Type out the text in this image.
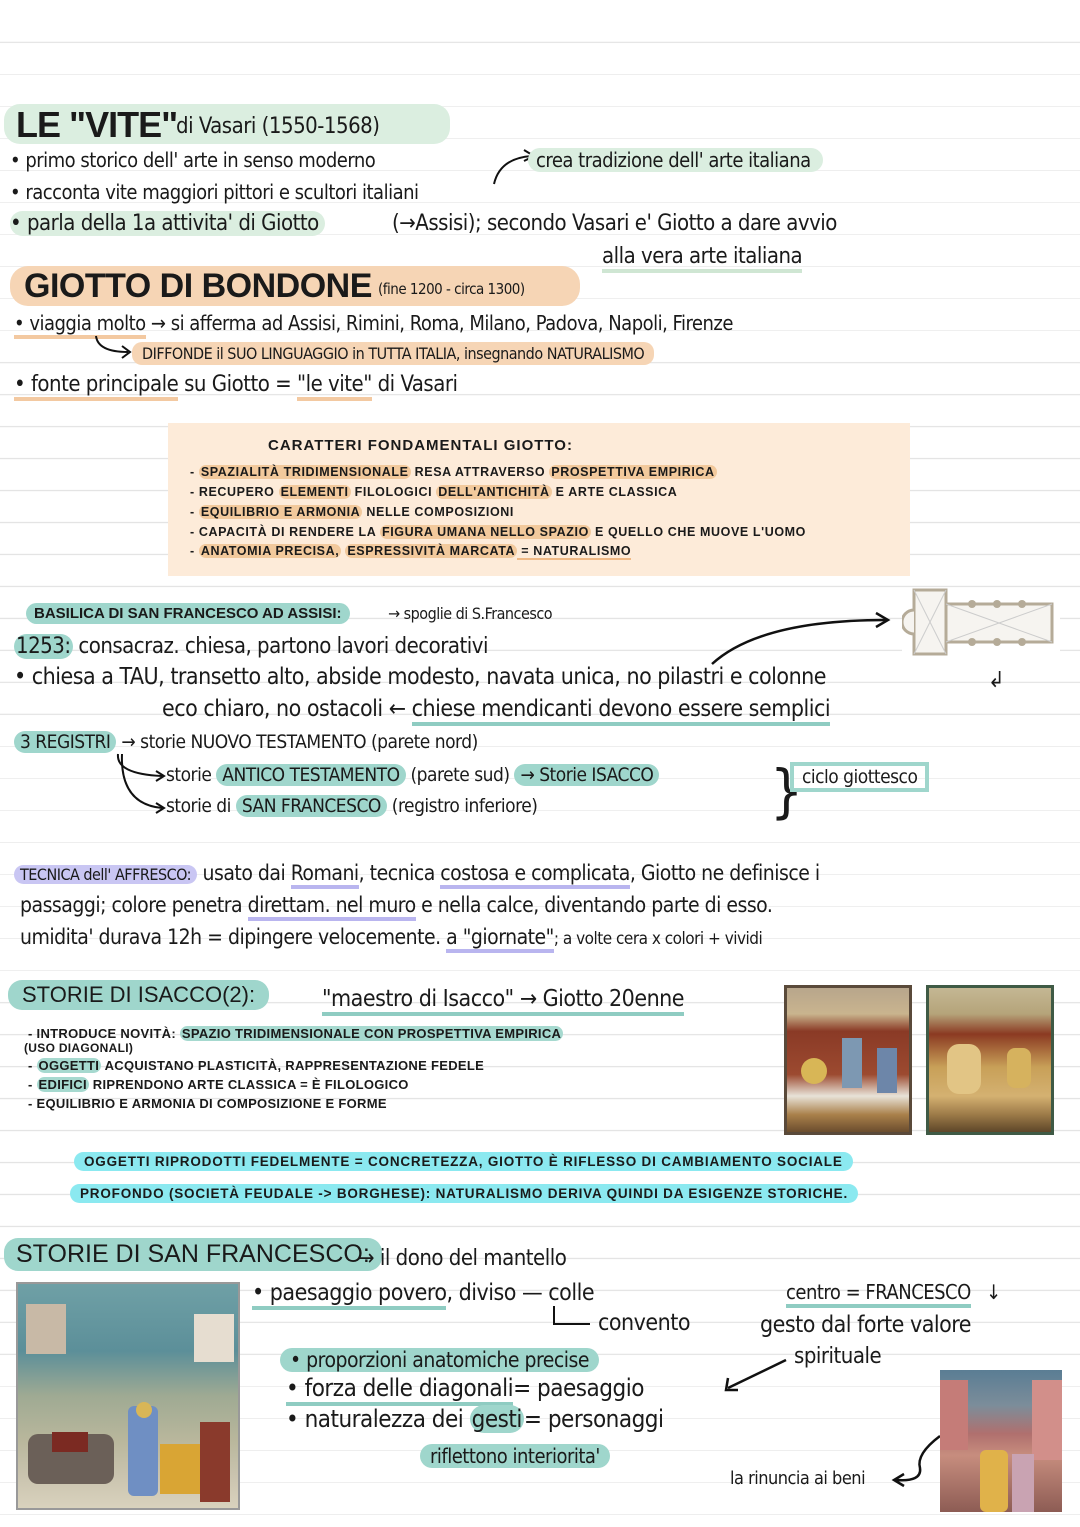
LE "VITE"
di Vasari (1550-1568)
• primo storico dell' arte in senso moderno
• racconta vite maggiori pittori e scultori italiani
• parla della 1a attivita' di Giotto	(→Assisi); secondo Vasari e' Giotto a dare avvio
alla vera arte italiana
crea tradizione dell' arte italiana
GIOTTO DI BONDONE (fine 1200 - circa 1300)
• viaggia molto → si afferma ad Assisi, Rimini, Roma, Milano, Padova, Napoli, Firenze
DIFFONDE il SUO LINGUAGGIO in TUTTA ITALIA, insegnando NATURALISMO
• fonte principale su Giotto = "le vite" di Vasari
CARATTERI FONDAMENTALI GIOTTO:
- SPAZIALITÀ TRIDIMENSIONALE RESA ATTRAVERSO PROSPETTIVA EMPIRICA
- RECUPERO ELEMENTI FILOLOGICI DELL'ANTICHITÀ E ARTE CLASSICA
- EQUILIBRIO E ARMONIA NELLE COMPOSIZIONI
- CAPACITÀ DI RENDERE LA FIGURA UMANA NELLO SPAZIO E QUELLO CHE MUOVE L'UOMO
- ANATOMIA PRECISA, ESPRESSIVITÀ MARCATA = NATURALISMO
BASILICA DI SAN FRANCESCO AD ASSISI:	→ spoglie di S.Francesco
1253: consacraz. chiesa, partono lavori decorativi
• chiesa a TAU, transetto alto, abside modesto, navata unica, no pilastri e colonne	↲
eco chiaro, no ostacoli ← chiese mendicanti devono essere semplici
3 REGISTRI → storie NUOVO TESTAMENTO (parete nord)
storie ANTICO TESTAMENTO (parete sud) → Storie ISACCO
storie di SAN FRANCESCO (registro inferiore)	}
ciclo giottesco
TECNICA dell' AFFRESCO: usato dai Romani, tecnica costosa e complicata, Giotto ne definisce i
passaggi; colore penetra direttam. nel muro e nella calce, diventando parte di esso.
umidita' durava 12h = dipingere velocemente. a "giornate"; a volte cera x colori + vividi
STORIE DI ISACCO(2):	"maestro di Isacco" → Giotto 20enne
- INTRODUCE NOVITÀ: SPAZIO TRIDIMENSIONALE CON PROSPETTIVA EMPIRICA
(USO DIAGONALI)
- OGGETTI ACQUISTANO PLASTICITÀ, RAPPRESENTAZIONE FEDELE
- EDIFICI RIPRENDONO ARTE CLASSICA = È FILOLOGICO
- EQUILIBRIO E ARMONIA DI COMPOSIZIONE E FORME
OGGETTI RIPRODOTTI FEDELMENTE = CONCRETEZZA, GIOTTO È RIFLESSO DI CAMBIAMENTO SOCIALE
PROFONDO (SOCIETÀ FEUDALE -> BORGHESE): NATURALISMO DERIVA QUINDI DA ESIGENZE STORICHE.
STORIE DI SAN FRANCESCO:
→ il dono del mantello
• paesaggio povero, diviso — colle
convento
• proporzioni anatomiche precise
• forza delle diagonali= paesaggio
• naturalezza dei gesti= personaggi
riflettono interiorita'
centro = FRANCESCO ↓
gesto dal forte valore
spirituale
la rinuncia ai beni
